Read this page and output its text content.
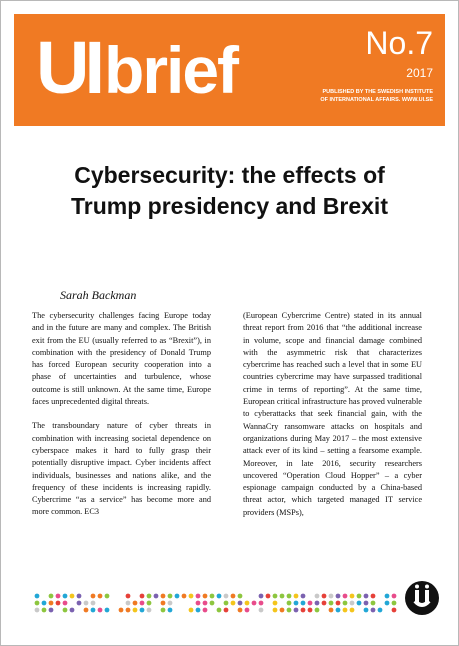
UIbrief	No.7
2017
PUBLISHED BY THE SWEDISH INSTITUTE
OF INTERNATIONAL AFFAIRS. WWW.UI.SE
Cybersecurity: the effects of
Trump presidency and Brexit
Sarah Backman

The cybersecurity challenges facing Europe today and in the future are many and complex. The British exit from the EU (usually referred to as “Brexit”), in combination with the presidency of Donald Trump has forced European security cooperation into a phase of uncertainties and turbulence, whose outcome is still unknown. At the same time, Europe faces unprecedented digital threats.

The transboundary nature of cyber threats in combination with increasing societal dependence on cyberspace makes it hard to fully grasp their potentially disruptive impact. Cyber incidents affect individuals, businesses and nations alike, and the frequency of these incidents is increasing rapidly. Cybercrime “as a service” has become more and more common. EC3

(European Cybercrime Centre) stated in its annual threat report from 2016 that “the additional increase in volume, scope and financial damage combined with the asymmetric risk that characterizes cybercrime has reached such a level that in some EU countries cybercrime may have surpassed traditional crime in terms of reporting”. At the same time, European critical infrastructure has proved vulnerable to cyberattacks that seek financial gain, with the WannaCry ransomware attacks on hospitals and organizations during May 2017 – the most extensive attack ever of its kind – setting a fearsome example. Moreover, in late 2016, security researchers uncovered “Operation Cloud Hopper” – a cyber espionage campaign conducted by a China-based threat actor, which targeted managed IT service providers (MSPs),
